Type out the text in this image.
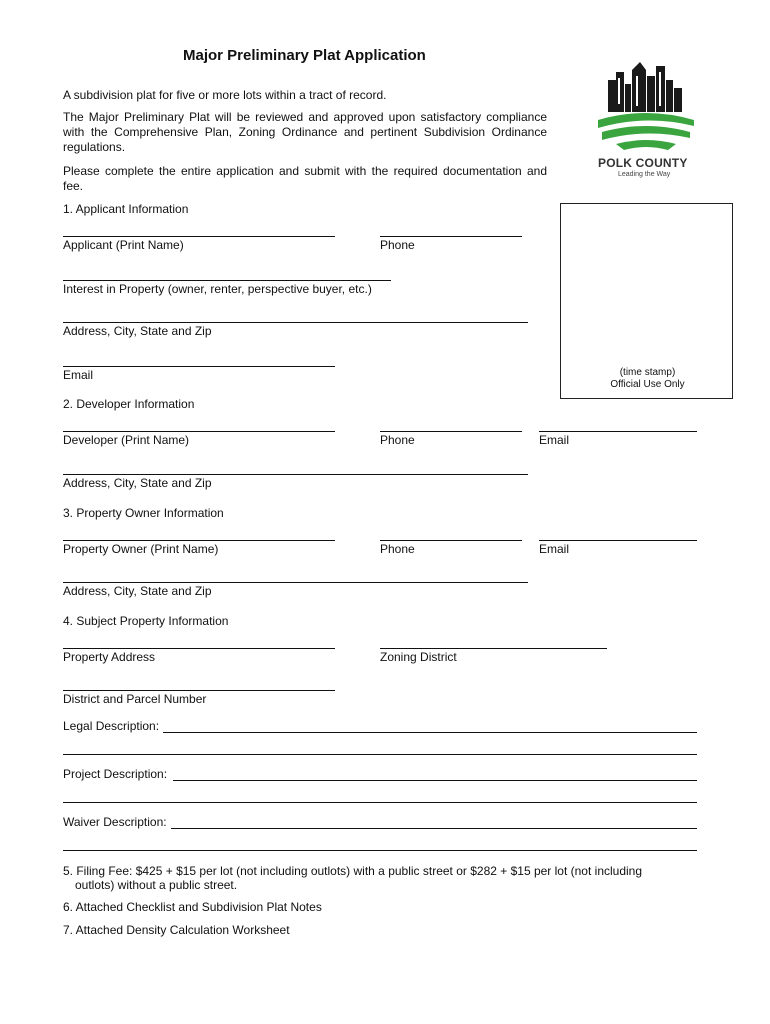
Major Preliminary Plat Application
A subdivision plat for five or more lots within a tract of record.
The Major Preliminary Plat will be reviewed and approved upon satisfactory compliance with the Comprehensive Plan, Zoning Ordinance and pertinent Subdivision Ordinance regulations.
Please complete the entire application and submit with the required documentation and fee.
POLK COUNTY
Leading the Way
(time stamp)
Official Use Only
1. Applicant Information
Applicant (Print Name)	Phone
Interest in Property (owner, renter, perspective buyer, etc.)
Address, City, State and Zip
Email
2. Developer Information
Developer (Print Name)	Phone	Email
Address, City, State and Zip
3. Property Owner Information
Property Owner (Print Name)	Phone	Email
Address, City, State and Zip
4. Subject Property Information
Property Address	Zoning District
District and Parcel Number
Legal Description:
Project Description:
Waiver Description:
5. Filing Fee: $425 + $15 per lot (not including outlots) with a public street or $282 + $15 per lot (not including
outlots) without a public street.
6. Attached Checklist and Subdivision Plat Notes
7. Attached Density Calculation Worksheet
